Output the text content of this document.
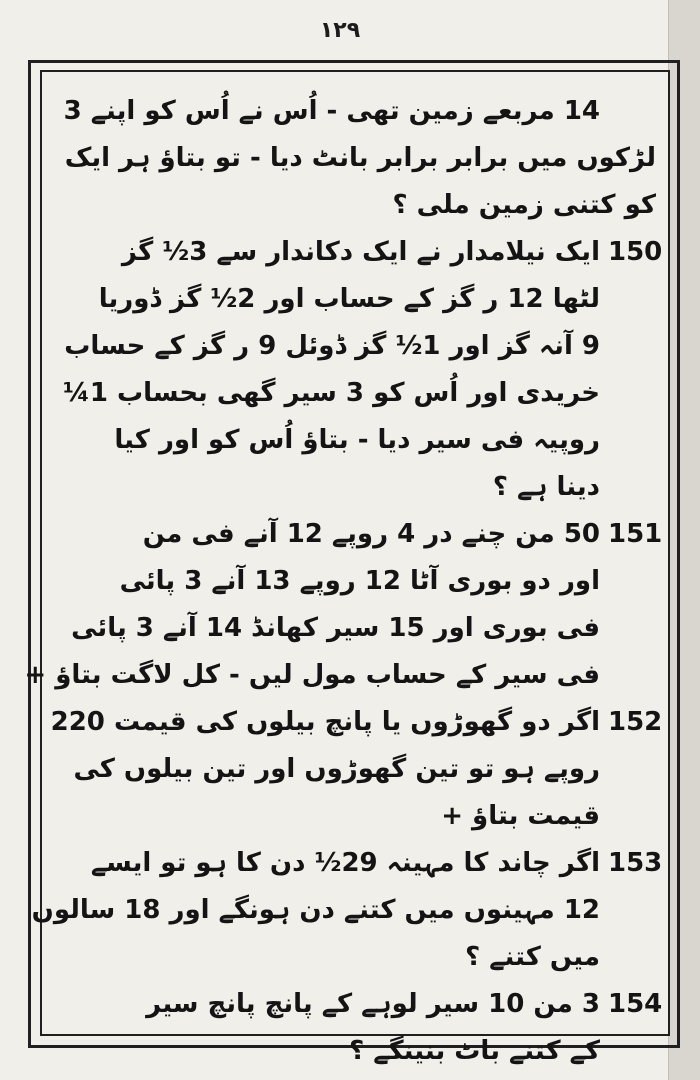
۱۲۹
14 مربعے زمین تھی - اُس نے اُس کو اپنے 3
لڑکوں میں برابر برابر بانٹ دیا - تو بتاؤ ہر ایک
کو کتنی زمین ملی ؟
150
ایک نیلامدار نے ایک دکاندار سے 3½ گز
لٹھا 12 ر گز کے حساب اور 2½ گز ڈوریا
9 آنہ گز اور 1½ گز ڈوئل 9 ر گز کے حساب
خریدی اور اُس کو 3 سیر گھی بحساب 1¼
روپیہ فی سیر دیا - بتاؤ اُس کو اور کیا
دینا ہے ؟
151
50 من چنے در 4 روپے 12 آنے فی من
اور دو بوری آٹا 12 روپے 13 آنے 3 پائی
فی بوری اور 15 سیر کھانڈ 14 آنے 3 پائی
فی سیر کے حساب مول لیں - کل لاگت بتاؤ +
152
اگر دو گھوڑوں یا پانچ بیلوں کی قیمت 220
روپے ہو تو تین گھوڑوں اور تین بیلوں کی
قیمت بتاؤ +
153
اگر چاند کا مہینہ 29½ دن کا ہو تو ایسے
12 مہینوں میں کتنے دن ہونگے اور 18 سالوں
میں کتنے ؟
154
3 من 10 سیر لوہے کے پانچ پانچ سیر
کے کتنے باٹ بنینگے ؟
